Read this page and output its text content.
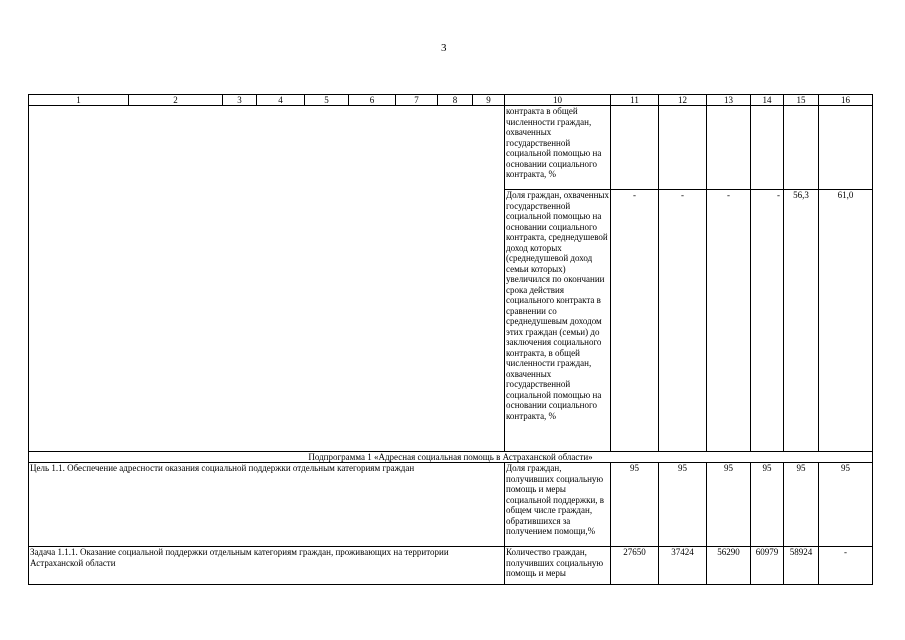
3
1	2	3	4	5	6	7	8	9	10	11	12	13	14	15	16
									контракта в общей численности граждан, охваченных государственной социальной помощью на основании социального контракта, %						
									Доля граждан, охваченных государственной социальной помощью на основании социального контракта, среднедушевой доход которых (среднедушевой доход семьи которых) увеличился по окончании срока действия социального контракта в сравнении со среднедушевым доходом этих граждан (семьи) до заключения социального контракта, в общей численности граждан, охваченных государственной социальной помощью на основании социального контракта, %	-	-	-	-	56,3	61,0
Подпрограмма 1 «Адресная социальная помощь в Астраханской области»															
Цель 1.1. Обеспечение адресности оказания социальной поддержки отдельным категориям граждан									Доля граждан, получивших социальную помощь и меры социальной поддержки, в общем числе граждан, обратившихся за получением помощи,%	95	95	95	95	95	95
Задача 1.1.1. Оказание социальной поддержки отдельным категориям граждан, проживающих на территории Астраханской области									Количество граждан, получивших социальную помощь и меры	27650	37424	56290	60979	58924	-
